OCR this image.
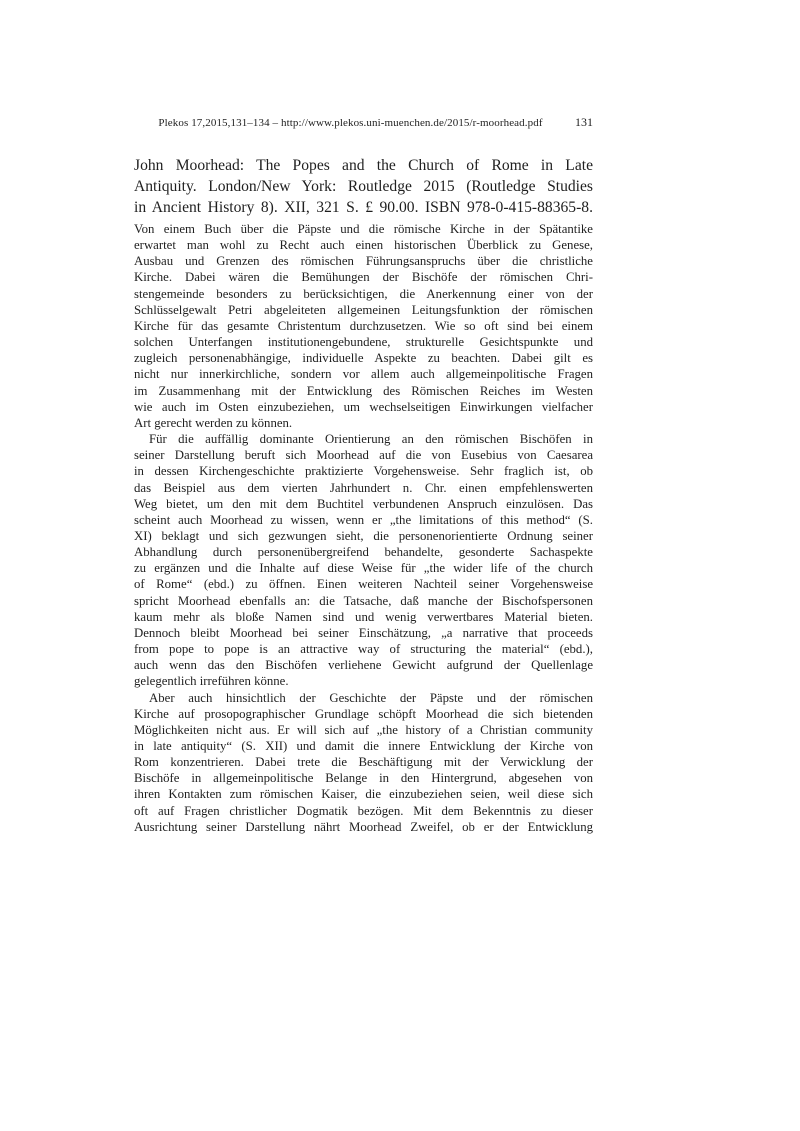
Plekos 17,2015,131–134 – http://www.plekos.uni-muenchen.de/2015/r-moorhead.pdf	131
John Moorhead: The Popes and the Church of Rome in Late
Antiquity. London/New York: Routledge 2015 (Routledge Studies
in Ancient History 8). XII, 321 S. £ 90.00. ISBN 978-0-415-88365-8.
Von einem Buch über die Päpste und die römische Kirche in der Spätantike
erwartet man wohl zu Recht auch einen historischen Überblick zu Genese,
Ausbau und Grenzen des römischen Führungsanspruchs über die christliche
Kirche. Dabei wären die Bemühungen der Bischöfe der römischen Chri-
stengemeinde besonders zu berücksichtigen, die Anerkennung einer von der
Schlüsselgewalt Petri abgeleiteten allgemeinen Leitungsfunktion der römischen
Kirche für das gesamte Christentum durchzusetzen. Wie so oft sind bei einem
solchen Unterfangen institutionengebundene, strukturelle Gesichtspunkte und
zugleich personenabhängige, individuelle Aspekte zu beachten. Dabei gilt es
nicht nur innerkirchliche, sondern vor allem auch allgemeinpolitische Fragen
im Zusammenhang mit der Entwicklung des Römischen Reiches im Westen
wie auch im Osten einzubeziehen, um wechselseitigen Einwirkungen vielfacher
Art gerecht werden zu können.
Für die auffällig dominante Orientierung an den römischen Bischöfen in
seiner Darstellung beruft sich Moorhead auf die von Eusebius von Caesarea
in dessen Kirchengeschichte praktizierte Vorgehensweise. Sehr fraglich ist, ob
das Beispiel aus dem vierten Jahrhundert n. Chr. einen empfehlenswerten
Weg bietet, um den mit dem Buchtitel verbundenen Anspruch einzulösen. Das
scheint auch Moorhead zu wissen, wenn er „the limitations of this method“ (S.
XI) beklagt und sich gezwungen sieht, die personenorientierte Ordnung seiner
Abhandlung durch personenübergreifend behandelte, gesonderte Sachaspekte
zu ergänzen und die Inhalte auf diese Weise für „the wider life of the church
of Rome“ (ebd.) zu öffnen. Einen weiteren Nachteil seiner Vorgehensweise
spricht Moorhead ebenfalls an: die Tatsache, daß manche der Bischofspersonen
kaum mehr als bloße Namen sind und wenig verwertbares Material bieten.
Dennoch bleibt Moorhead bei seiner Einschätzung, „a narrative that proceeds
from pope to pope is an attractive way of structuring the material“ (ebd.),
auch wenn das den Bischöfen verliehene Gewicht aufgrund der Quellenlage
gelegentlich irreführen könne.
Aber auch hinsichtlich der Geschichte der Päpste und der römischen
Kirche auf prosopographischer Grundlage schöpft Moorhead die sich bietenden
Möglichkeiten nicht aus. Er will sich auf „the history of a Christian community
in late antiquity“ (S. XII) und damit die innere Entwicklung der Kirche von
Rom konzentrieren. Dabei trete die Beschäftigung mit der Verwicklung der
Bischöfe in allgemeinpolitische Belange in den Hintergrund, abgesehen von
ihren Kontakten zum römischen Kaiser, die einzubeziehen seien, weil diese sich
oft auf Fragen christlicher Dogmatik bezögen. Mit dem Bekenntnis zu dieser
Ausrichtung seiner Darstellung nährt Moorhead Zweifel, ob er der Entwicklung
